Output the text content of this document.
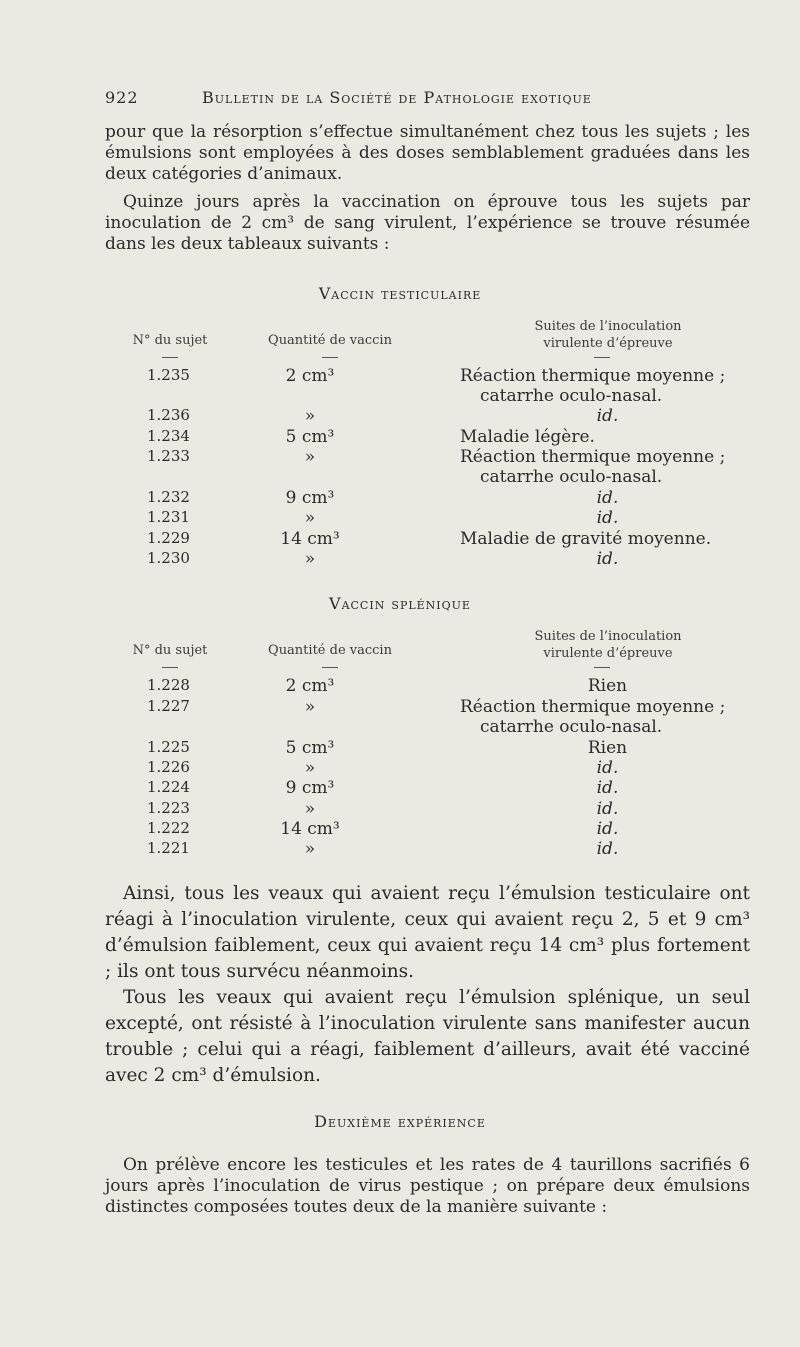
922	Bulletin de la Société de Pathologie exotique

pour que la résorption s’effectue simultanément chez tous les sujets ; les émulsions sont employées à des doses semblablement graduées dans les deux catégories d’animaux.

Quinze jours après la vaccination on éprouve tous les sujets par inoculation de 2 cm³ de sang virulent, l’expérience se trouve résumée dans les deux tableaux suivants :

Vaccin testiculaire
N° du sujet	Quantité de vaccin
Suites de l’inoculation
virulente d’épreuve
1.235	2 cm³	Réaction thermique moyenne ;
catarrhe oculo-nasal.
1.236	»	id.
1.234	5 cm³	Maladie légère.
1.233	»	Réaction thermique moyenne ;
catarrhe oculo-nasal.
1.232	9 cm³	id.
1.231	»	id.
1.229	14 cm³	Maladie de gravité moyenne.
1.230	»	id.
Vaccin splénique
N° du sujet	Quantité de vaccin
Suites de l’inoculation
virulente d’épreuve
1.228	2 cm³	Rien
1.227	»	Réaction thermique moyenne ;
catarrhe oculo-nasal.
1.225	5 cm³	Rien
1.226	»	id.
1.224	9 cm³	id.
1.223	»	id.
1.222	14 cm³	id.
1.221	»	id.

Ainsi, tous les veaux qui avaient reçu l’émulsion testiculaire ont réagi à l’inoculation virulente, ceux qui avaient reçu 2, 5 et 9 cm³ d’émulsion faiblement, ceux qui avaient reçu 14 cm³ plus fortement ; ils ont tous survécu néanmoins.

Tous les veaux qui avaient reçu l’émulsion splénique, un seul excepté, ont résisté à l’inoculation virulente sans manifester aucun trouble ; celui qui a réagi, faiblement d’ailleurs, avait été vacciné avec 2 cm³ d’émulsion.

Deuxième expérience

On prélève encore les testicules et les rates de 4 taurillons sacrifiés 6 jours après l’inoculation de virus pestique ; on prépare deux émulsions distinctes composées toutes deux de la manière suivante :
